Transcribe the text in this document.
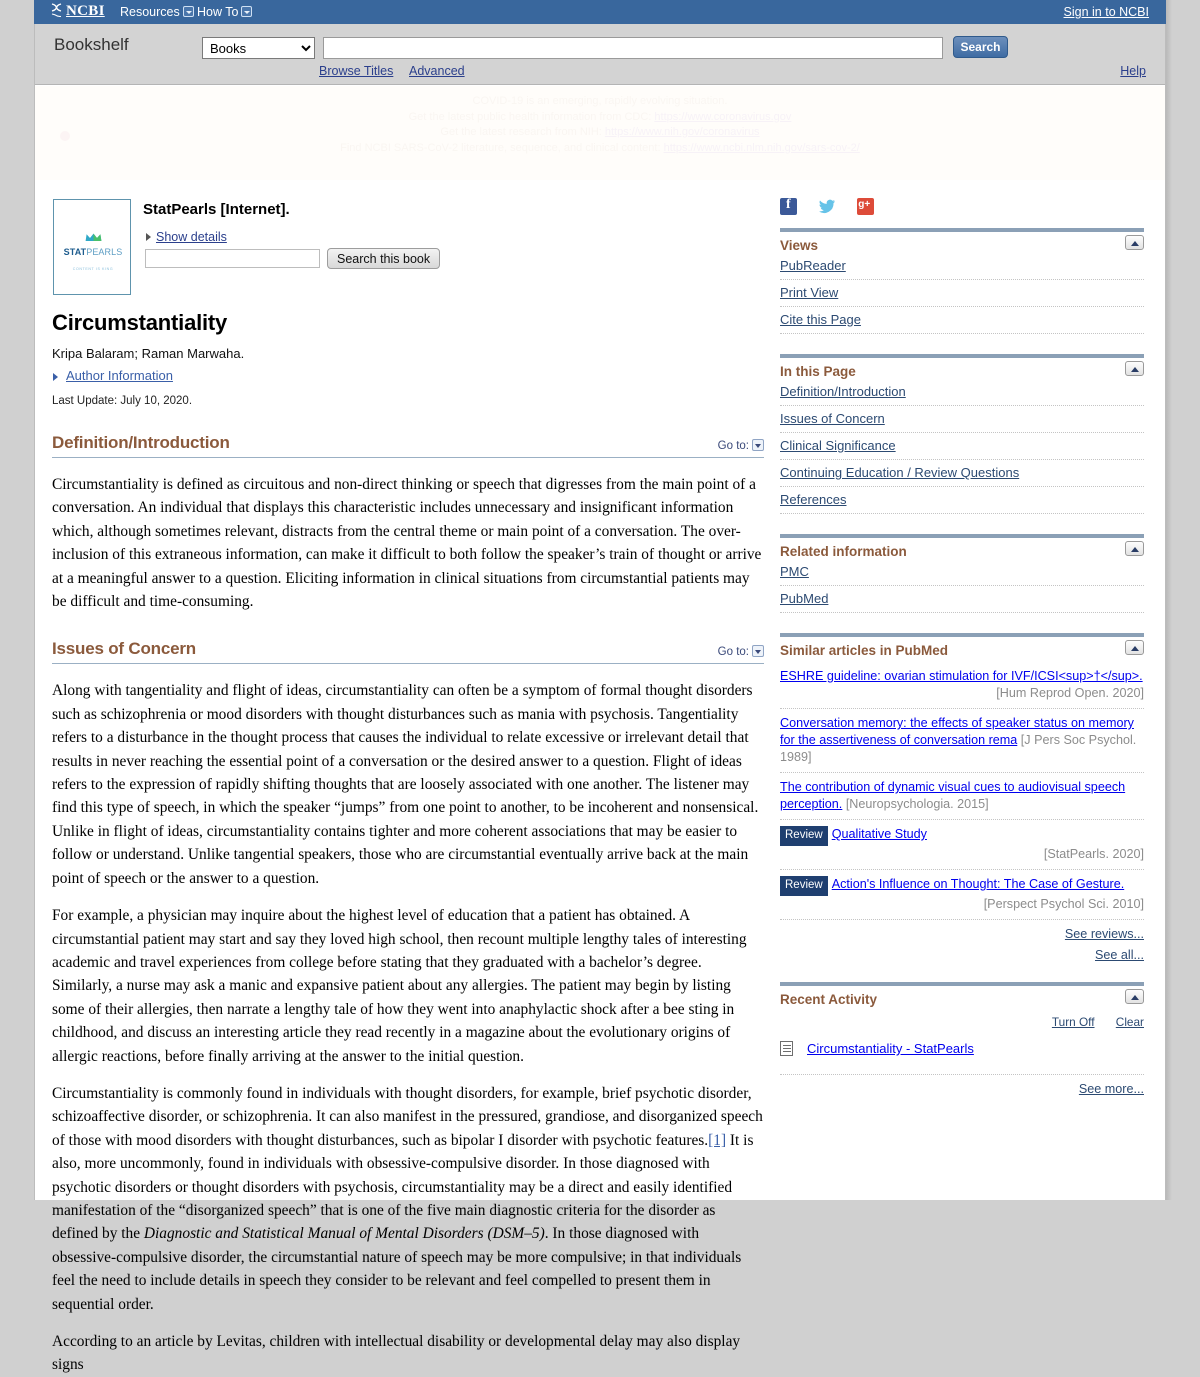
NCBI Resources	How To	Sign in to NCBI
Bookshelf
Books	Search
Browse Titles Advanced	Help
COVID-19 is an emerging, rapidly evolving situation.
Get the latest public health information from CDC: https://www.coronavirus.gov
Get the latest research from NIH: https://www.nih.gov/coronavirus
Find NCBI SARS-CoV-2 literature, sequence, and clinical content: https://www.ncbi.nlm.nih.gov/sars-cov-2/
STATPEARLS CONTENT IS KING
StatPearls [Internet].
Show details
Search this book
Circumstantiality
Kripa Balaram; Raman Marwaha.
Author Information
Last Update: July 10, 2020.
Definition/Introduction	Go to:

Circumstantiality is defined as circuitous and non-direct thinking or speech that digresses from the main point of a conversation. An individual that displays this characteristic includes unnecessary and insignificant information which, although sometimes relevant, distracts from the central theme or main point of a conversation. The over-inclusion of this extraneous information, can make it difficult to both follow the speaker’s train of thought or arrive at a meaningful answer to a question. Eliciting information in clinical situations from circumstantial patients may be difficult and time-consuming.

Issues of Concern	Go to:

Along with tangentiality and flight of ideas, circumstantiality can often be a symptom of formal thought disorders such as schizophrenia or mood disorders with thought disturbances such as mania with psychosis. Tangentiality refers to a disturbance in the thought process that causes the individual to relate excessive or irrelevant detail that results in never reaching the essential point of a conversation or the desired answer to a question. Flight of ideas refers to the expression of rapidly shifting thoughts that are loosely associated with one another. The listener may find this type of speech, in which the speaker “jumps” from one point to another, to be incoherent and nonsensical. Unlike in flight of ideas, circumstantiality contains tighter and more coherent associations that may be easier to follow or understand. Unlike tangential speakers, those who are circumstantial eventually arrive back at the main point of speech or the answer to a question.

For example, a physician may inquire about the highest level of education that a patient has obtained. A circumstantial patient may start and say they loved high school, then recount multiple lengthy tales of interesting academic and travel experiences from college before stating that they graduated with a bachelor’s degree. Similarly, a nurse may ask a manic and expansive patient about any allergies. The patient may begin by listing some of their allergies, then narrate a lengthy tale of how they went into anaphylactic shock after a bee sting in childhood, and discuss an interesting article they read recently in a magazine about the evolutionary origins of allergic reactions, before finally arriving at the answer to the initial question.

Circumstantiality is commonly found in individuals with thought disorders, for example, brief psychotic disorder, schizoaffective disorder, or schizophrenia. It can also manifest in the pressured, grandiose, and disorganized speech of those with mood disorders with thought disturbances, such as bipolar I disorder with psychotic features.[1] It is also, more uncommonly, found in individuals with obsessive-compulsive disorder. In those diagnosed with psychotic disorders or thought disorders with psychosis, circumstantiality may be a direct and easily identified manifestation of the “disorganized speech” that is one of the five main diagnostic criteria for the disorder as defined by the Diagnostic and Statistical Manual of Mental Disorders (DSM–5). In those diagnosed with obsessive-compulsive disorder, the circumstantial nature of speech may be more compulsive; in that individuals feel the need to include details in speech they consider to be relevant and feel compelled to present them in sequential order.

According to an article by Levitas, children with intellectual disability or developmental delay may also display signs

f  g+
Views
PubReader
Print View
Cite this Page
In this Page
Definition/Introduction
Issues of Concern
Clinical Significance
Continuing Education / Review Questions
References
Related information
PMC
PubMed
Similar articles in PubMed
ESHRE guideline: ovarian stimulation for IVF/ICSI<sup>†</sup>.
[Hum Reprod Open. 2020]
Conversation memory: the effects of speaker status on memory for the assertiveness of conversation rema [J Pers Soc Psychol. 1989]
The contribution of dynamic visual cues to audiovisual speech perception. [Neuropsychologia. 2015]
Review Qualitative Study
[StatPearls. 2020]
Review Action's Influence on Thought: The Case of Gesture.
[Perspect Psychol Sci. 2010]
See reviews...
See all...
Recent Activity
Turn Off Clear
Circumstantiality - StatPearls
See more...
